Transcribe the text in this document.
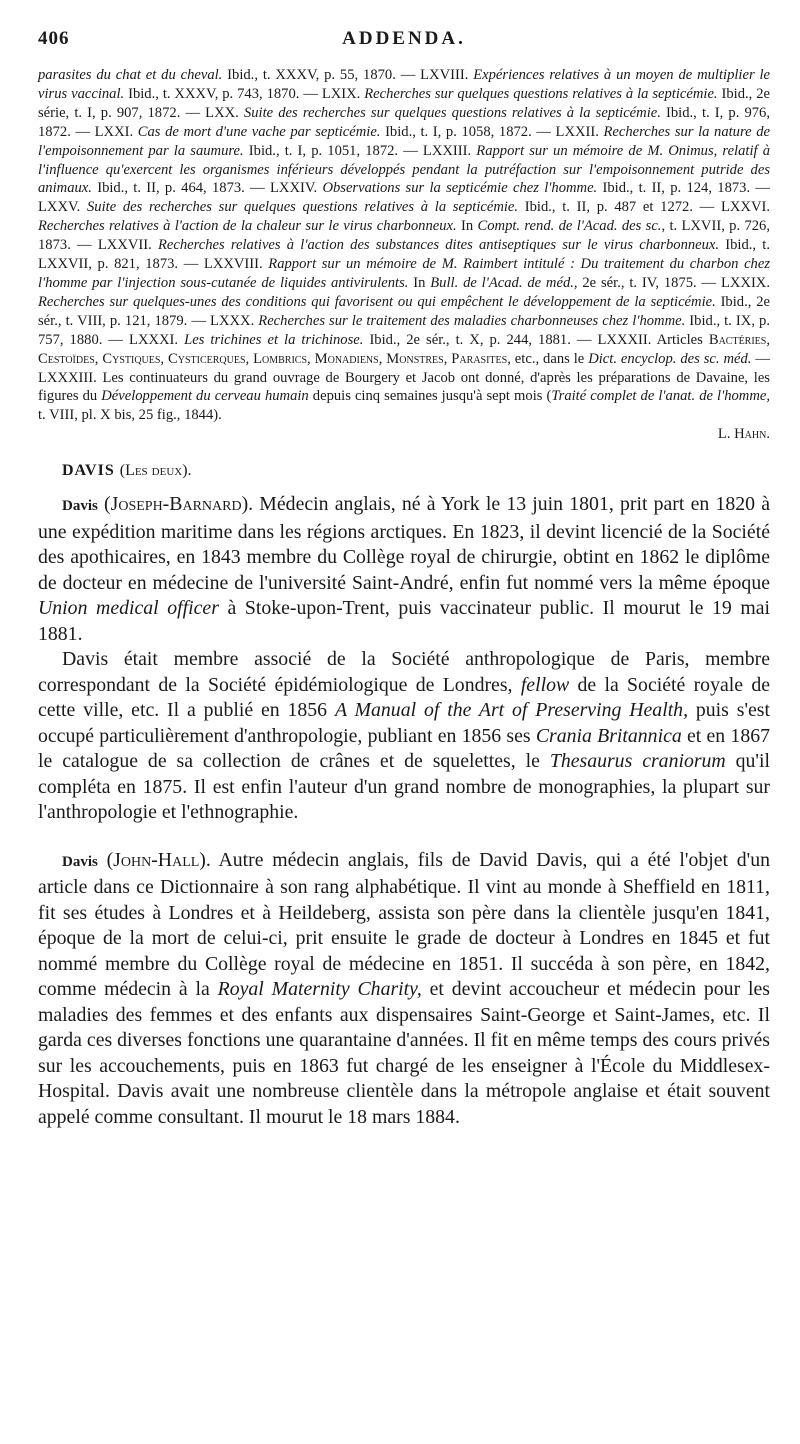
406	ADDENDA.
parasites du chat et du cheval. Ibid., t. XXXV, p. 55, 1870. — LXVIII. Expériences relatives à un moyen de multiplier le virus vaccinal. Ibid., t. XXXV, p. 743, 1870. — LXIX. Recherches sur quelques questions relatives à la septicémie. Ibid., 2e série, t. I, p. 907, 1872. — LXX. Suite des recherches sur quelques questions relatives à la septicémie. Ibid., t. I, p. 976, 1872. — LXXI. Cas de mort d'une vache par septicémie. Ibid., t. I, p. 1058, 1872. — LXXII. Recherches sur la nature de l'empoisonnement par la saumure. Ibid., t. I, p. 1051, 1872. — LXXIII. Rapport sur un mémoire de M. Onimus, relatif à l'influence qu'exercent les organismes inférieurs développés pendant la putréfaction sur l'empoisonnement putride des animaux. Ibid., t. II, p. 464, 1873. — LXXIV. Observations sur la septicémie chez l'homme. Ibid., t. II, p. 124, 1873. — LXXV. Suite des recherches sur quelques questions relatives à la septicémie. Ibid., t. II, p. 487 et 1272. — LXXVI. Recherches relatives à l'action de la chaleur sur le virus charbonneux. In Compt. rend. de l'Acad. des sc., t. LXVII, p. 726, 1873. — LXXVII. Recherches relatives à l'action des substances dites antiseptiques sur le virus charbonneux. Ibid., t. LXXVII, p. 821, 1873. — LXXVIII. Rapport sur un mémoire de M. Raimbert intitulé : Du traitement du charbon chez l'homme par l'injection sous-cutanée de liquides antivirulents. In Bull. de l'Acad. de méd., 2e sér., t. IV, 1875. — LXXIX. Recherches sur quelques-unes des conditions qui favorisent ou qui empêchent le développement de la septicémie. Ibid., 2e sér., t. VIII, p. 121, 1879. — LXXX. Recherches sur le traitement des maladies charbonneuses chez l'homme. Ibid., t. IX, p. 757, 1880. — LXXXI. Les trichines et la trichinose. Ibid., 2e sér., t. X, p. 244, 1881. — LXXXII. Articles Bactéries, Cestoïdes, Cystiques, Cysticerques, Lombrics, Monadiens, Monstres, Parasites, etc., dans le Dict. encyclop. des sc. méd. — LXXXIII. Les continuateurs du grand ouvrage de Bourgery et Jacob ont donné, d'après les préparations de Davaine, les figures du Développement du cerveau humain depuis cinq semaines jusqu'à sept mois (Traité complet de l'anat. de l'homme, t. VIII, pl. X bis, 25 fig., 1844).
L. Hahn.
DAVIS (Les deux).

Davis (Joseph-Barnard). Médecin anglais, né à York le 13 juin 1801, prit part en 1820 à une expédition maritime dans les régions arctiques. En 1823, il devint licencié de la Société des apothicaires, en 1843 membre du Collège royal de chirurgie, obtint en 1862 le diplôme de docteur en médecine de l'université Saint-André, enfin fut nommé vers la même époque Union medical officer à Stoke-upon-Trent, puis vaccinateur public. Il mourut le 19 mai 1881.

Davis était membre associé de la Société anthropologique de Paris, membre correspondant de la Société épidémiologique de Londres, fellow de la Société royale de cette ville, etc. Il a publié en 1856 A Manual of the Art of Preserving Health, puis s'est occupé particulièrement d'anthropologie, publiant en 1856 ses Crania Britannica et en 1867 le catalogue de sa collection de crânes et de squelettes, le Thesaurus craniorum qu'il compléta en 1875. Il est enfin l'auteur d'un grand nombre de monographies, la plupart sur l'anthropologie et l'ethnographie.

Davis (John-Hall). Autre médecin anglais, fils de David Davis, qui a été l'objet d'un article dans ce Dictionnaire à son rang alphabétique. Il vint au monde à Sheffield en 1811, fit ses études à Londres et à Heildeberg, assista son père dans la clientèle jusqu'en 1841, époque de la mort de celui-ci, prit ensuite le grade de docteur à Londres en 1845 et fut nommé membre du Collège royal de médecine en 1851. Il succéda à son père, en 1842, comme médecin à la Royal Maternity Charity, et devint accoucheur et médecin pour les maladies des femmes et des enfants aux dispensaires Saint-George et Saint-James, etc. Il garda ces diverses fonctions une quarantaine d'années. Il fit en même temps des cours privés sur les accouchements, puis en 1863 fut chargé de les enseigner à l'École du Middlesex-Hospital. Davis avait une nombreuse clientèle dans la métropole anglaise et était souvent appelé comme consultant. Il mourut le 18 mars 1884.
